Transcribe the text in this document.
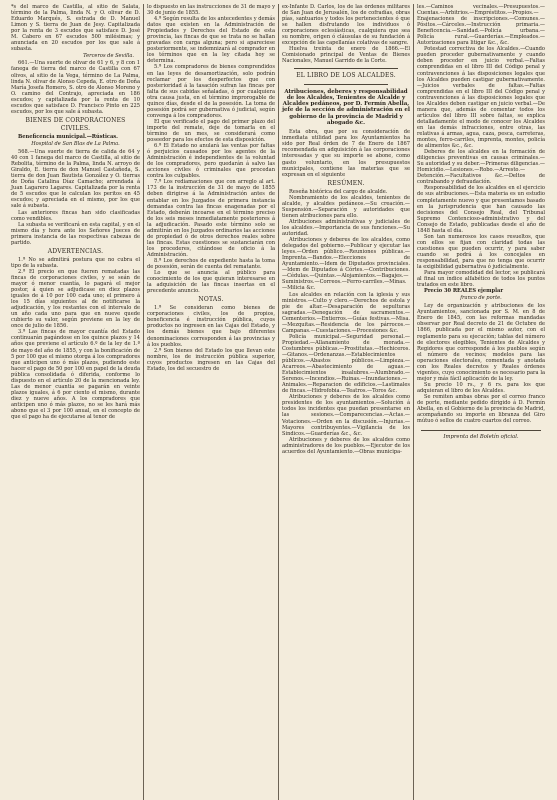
*s del marco de Castilla, al sitio de Salata, término de la Palma, linda N. y O. olivar de D. Eduardo Marqués, S. estrada de D. Manuel Limon y S. tierra de Juan de Jesy. Capitalizada por la renta de 3 escudos que satisface D. José M. Cabero en 67 escudos 500 milésimas; y anunciada en 20 escudos por los que sale á subasta.

Terceros de Sevilla.

661.—Una suerte de olivar de 61 y 6, y 8 con 1 fanega de tierra del marco de Castilla con 67 olivos, al sitio de la Vega, término de La Palma, linda N. olivar de Alonso Cepeda, E. otro de Doña María Josefa Romero, S. otro de Alonso Moreno y O. camino del Contrajo, apreciada en 186 escudos; y capitalizada por la renta de 10 escudos que satisface D. Francisco Pinto en 225 escudos, por los que sale á subasta.

BIENES DE CORPORACIONES
CIVILES.

Beneficencia municipal.—Rústicas.

Hospital de San Blas de La Palma.

568.—Una suerte de tierra de calida de 64 y 40 con 1 fanega del marco de Castilla, al sitio de Rebolita, término de la Palma, linda N. arroyo de Giraldo, E. tierra de don Manuel Castañeda, S. tierra de don Juan Bautista González y O. tierras de Doña Catalina Díaz Camacho; arrendada á Juan Lagarero Lagares. Capitalizada por la renta de 5 escudos que le calculan los peritos en 45 escudos; y apreciada en el mismo, por los que sale á subasta.

Las anteriores fincas han sido clasificadas como vendibles.

La subasta se verificará en esta capital, y en el mismo día y hora ante los Señores Jueces de primera instancia de las respectivas cabezas de partido.

ADVERTENCIAS.

1.ª No se admitirá postura que no cubra el tipo de la subasta.

2.ª El precio en que fueren rematadas las fincas de corporaciones civiles, y se seán de mayor ó menor cuantía, lo pagará el mejor postor, á quien se adjudicase en diez plazos iguales de á 10 por 100 cada uno; el primero á los 15 días siguientes al de notificarse la adjudicación, y los restantes con el intervalo de un año cada uno para que en nueve quede cubierto su valor, según previene en la ley de once de julio de 1856.

3.ª Las fincas de mayor cuantía del Estado continuarán pagándose en los quince plazos y 14 años que previene el artículo 6.º de la ley de 1.º de mayo del año de 1855, y con la bonificación de 5 por 100 que el mismo otorga á los compradores que anticipen uno ó más plazos, pudiendo este hacer el pago de 50 por 100 en papel de la deuda pública consolidada ó diferida, conforme lo dispuesto en el artículo 20 de la mencionada ley. Las de menor cuantía se pagarán en veinte plazos iguales, á 6 por ciento el mismo, durante diez y nueve años. A los compradores que anticipen uno ó más plazos, no se les hará más abono que el 3 por 100 anual, en el concepto de que el pago ha de ejecutarse al tenor de

lo dispuesto en las instrucciones de 31 de mayo y 30 de junio de 1855.

4.ª Según resulta de los antecedentes y demás datos que existen en la Administración de Propiedades y Derechos del Estado de esta provincia, las fincas de que se trata no se hallan gravadas con carga alguna; pero si apareciese posteriormente, se indemnizará al comprador en los términos que en la ley citada hoy se determina.

5.ª Los compradores de bienes comprendidos en las leyes de desamortización, solo podrán reclamar por los desperfectos que con posterioridad á la tasación sufran las fincas por falta de sus cabidas señaladas, ó por cualquiera otra causa justa, en el término improrogable de quince días, desde el de la posesión. La toma de posesión podrá ser gubernativa ó judicial, según convenga á los compradores.

El que verificado el pago del primer plazo del importe del remate, deje de tomarla en el término de un mes, se considerará como poseedor para los efectos de esta disposición.

6.ª El Estado no anulará las ventas por faltas ó perjuicios causados por los agentes de la Administración é independientes de la voluntad de los compradores, pero quedarán á salvo las acciones civiles ó criminales que procedan contra los culpables.

7.ª Los rediamaciones que con arreglo al art. 173 de la instrucción de 31 de mayo de 1855 deben dirigirse á la Administración antes de entablar en los Juzgados de primera instancia demandas contra las fincas enagenadas por el Estado, deberán incoarse en el término preciso de los seis meses inmediatamente posteriores á la adjudicación. Pasado este término solo se admitirán en los Juzgados ordinarios las acciones de propiedad ó de otros derechos reales sobre las fincas. Estas cuestiones se sustanciarán con los procederes, citándose de oficio á la Administración.

8.ª Los derechos de expediente hasta la toma de posesión, serán de cuenta del rematante.

Lo que se anuncia al público para conocimiento de los que quieran interesarse en la adquisición de las fincas insertas en el precedente anuncio.

NOTAS.

1.ª Se consideran como bienes de corporaciones civiles, los de propios, beneficencia é instrucción pública, cuyos productos no ingresen en las Cajas del Estado, y los demás bienes que bajo diferentes denominaciones corresponden á las provincias y á los pueblos.

2.ª Son bienes del Estado los que llevan este nombre, los de instrucción pública superior, cuyos productos ingresen en las Cajas del Estado, los del secuestro de

ex-Infante D. Carlos, los de las órdenes militares de San Juan de Jerusalén, los de cofradías, obras pías, santuarios y todos los pertenecientes ó que se hallen disfrutando los individuos ó corporaciones eclesiásticas, cualquiera que sea su nombre, origen ó cláusulas de su fundación á excepción de las capellanías colativas de sangre.

Huelva treinta de enero de 1866.—El Comisionado principal de Ventas de Bienes Nacionales, Manuel Garrido de la Corte.

EL LIBRO DE LOS ALCALDES.
Atribuciones, deberes y responsabilidad de los Alcaldes, Tenientes de Alcalde y Alcaldes pedáneos, por D. Fermín Abella, jefe de la sección de administración en el gobierno de la provincia de Madrid y abogado &c.

Esta obra, que por su consideración de inmediata utilidad para los Ayuntamientos ha sido por Real órden de 7 de Enero de 1867 recomendada en adquisición á las corporaciones interesadas y que su importe se abone, como gasto voluntario, en los presupuestos municipales, contiene las materias que se expresan en el siguiente

RESÚMEN.

Reseña histórica del cargo de alcalde.

Nombramiento de los alcaldes, tenientes de alcalde, y alcaldes pedáneos.—Su creación.—Suspensión.—Separación y autoridades que tienen atribuciones para ello.

Atribuciones administrativas y judiciales de los alcaldes.—Importancia de sus funciones.—Su autoridad.

Atribuciones y deberes de los alcaldes, como delegados del gobierno.—Publicar y ejecutar las leyes.—Órden público.—Reuniones públicas.—Imprenta.—Bandos.—Elecciones de Ayuntamiento.—Idem de Diputados provinciales.—Idem de Diputados á Córtes.—Contribuciones.—Cédulas.—Quintas.—Alojamientos.—Bagajes.—Suministros.—Correos.—Ferro-carriles.—Minas.—Milicia &c.

Los alcaldes en relación con la iglesia y sus ministros.—Culto y clero.—Derechos de estola y pie de altar.—Desaparación de sepulturas sagradas.—Denegación de sacramentos.—Cementerios.—Entierros.—Guías festivas.—Misa.—Mezquitas.—Residencia de los párrocos.—Campanas.—Cuestaciones.—Procesiones &c.

Policía municipal.—Seguridad personal.—Propiedad.—Allanamiento de morada.—Costumbres públicas.—Prostitutas.—Hechiceros.—Gitanos.—Ordenanzas.—Establecimientos públicos.—Abastos públicos.—Limpieza.—Acarreos.—Abastecimiento de aguas.—Establecimientos insalubres.—Alumbrado.—Serenos.—Incendios.—Ruinas.—Inundaciones.—Animales.—Reparacion de edificios.—Lastimales de fincas.—Hidrofobia.—Teatros.—Toros &c.

Atribuciones y deberes de los alcaldes como presidentes de los ayuntamientos.—Solución á todos los incidentes que puedan presentarse en las sesiones.—Comparecencias.—Actas.—Votaciones.—Orden en la discusión.—Injurias.—Mayores contribuyentes.—Vigilancia de los Sindicos.—Guarderías &c., &c.

Atribuciones y deberes de los alcaldes como administradores de los pueblos.—Ejecutor de los acuerdos del Ayuntamiento.—Obras municipa-

les.—Caminos vecinales.—Presupuestos.—Cuentas.—Arbitrios.—Empréstitos.—Propios.—Enajenaciones de inscripciones.—Comunes.—Pósitos.—Cárceles.—Instrucción primaria.—Beneficencia.—Sanidad.—Policía urbana.—Policía rural.—Guarderías.—Empleados.—Autorizaciones para litigar &c., &c.

Potestad correctiva de los Alcaldes.—Cuando pueden proceder gubernativamente y cuando deben proceder en juicio verbal.—Faltas comprendidas en el libro III del Código penal y contravenciones á las disposiciones legales que los Alcaldes pueden castigar gubernativamente.—Juicios verbales de faltas.—Faltas comprendidas en el libro III del Código penal y contravenciones á las disposiciones legales que los Alcaldes deben castigar en juicio verbal.—De manera que, además de comentar todos los artículos del libro III sobre faltas, se explica detalladamente el modo de conocer los Alcaldes en las demás infracciones, entre otras, las relativas á armas, agua, caza, pesca, carreteras, montes, ferro-carriles, imprenta, montes, policía de alimentos &c., &c.

Deberes de los alcaldes en la formación de diligencias preventivas en causas criminales.—Su autoridad y su deber.—Primeras diligencias.—Homicidio.—Lesiones.—Robo.—Arresto.—Detención.—Facultativos &c.—Deltos de contrabando y defraudación.

Responsabilidad de los alcaldes en el ejercicio de sus atribuciones.—Esta materia es un estudio completamente nuevo y que presentamos basado en la jurisprudencia que han causado las decisiones del Consejo Real, del Tribunal Supremo Contencioso-administrativo y del Consejo de Estado, publicadas desde el año de 1848 hasta el día.

Son tan numerosos los casos resueltos, que con ellos se fijan con claridad todas las cuestiones que pueden ocurrir, y para saber cuando se podrá á los concejales en responsabilidad, para que no tenga que ocurrir la exigibilidad gubernativa ó judicialmente.

Para mayor comodidad del lector, se publicará al final un índice alfabético de todos los puntos tratados en este libro.

Precio 30 REALES ejemplar

franco de porte.

Ley de organización y atribuciones de los Ayuntamientos, sancionada por S. M. en 8 de Enero de 1845, con las reformas mandadas observar por Real decreto de 21 de Octubre de 1866, publicada por el mismo autor, con el reglamento para su ejecución; tablas del número de electores elegibles, Tenientes de Alcaldes y Regidores que corresponde á los pueblos según el número de vecinos; modelos para las operaciones electorales, comentada y anotada con los Reales decretos y Reales órdenes vigentes, cuyo conocimiento es necesario para la mejor y más fácil aplicación de la ley.

Su precio 10 rs., y 6 rs. para los que adquieran el libro de los Alcaldes.

Se remiten ambas obras por el correo franco de porte, mediante pedido dirigido á D. Fermín Abella, en el Gobierno de la provincia de Madrid, acompañando su importe en libranza del Giro mútuo ó sellos de cuatro cuartos del correo.

Imprenta del Boletín oficial.
